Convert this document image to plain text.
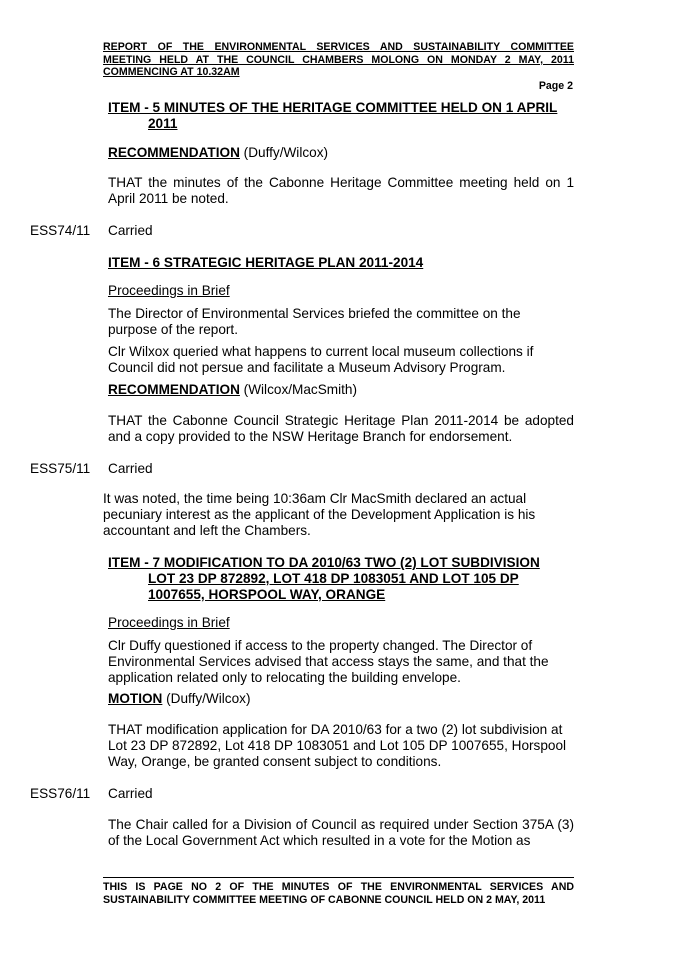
REPORT OF THE ENVIRONMENTAL SERVICES AND SUSTAINABILITY COMMITTEE
MEETING HELD AT THE COUNCIL CHAMBERS MOLONG ON MONDAY 2 MAY, 2011
COMMENCING AT 10.32AM
Page 2
ITEM - 5 MINUTES OF THE HERITAGE COMMITTEE HELD ON 1 APRIL
2011
RECOMMENDATION (Duffy/Wilcox)
THAT the minutes of the Cabonne Heritage Committee meeting held on 1 April 2011 be noted.
ESS74/11 Carried
ITEM - 6 STRATEGIC HERITAGE PLAN 2011-2014
Proceedings in Brief
The Director of Environmental Services briefed the committee on the purpose of the report.
Clr Wilxox queried what happens to current local museum collections if Council did not persue and facilitate a Museum Advisory Program.
RECOMMENDATION (Wilcox/MacSmith)
THAT the Cabonne Council Strategic Heritage Plan 2011-2014 be adopted and a copy provided to the NSW Heritage Branch for endorsement.
ESS75/11 Carried
It was noted, the time being 10:36am Clr MacSmith declared an actual pecuniary interest as the applicant of the Development Application is his accountant and left the Chambers.
ITEM - 7 MODIFICATION TO DA 2010/63 TWO (2) LOT SUBDIVISION
LOT 23 DP 872892, LOT 418 DP 1083051 AND LOT 105 DP
1007655, HORSPOOL WAY, ORANGE
Proceedings in Brief
Clr Duffy questioned if access to the property changed. The Director of Environmental Services advised that access stays the same, and that the application related only to relocating the building envelope.
MOTION (Duffy/Wilcox)
THAT modification application for DA 2010/63 for a two (2) lot subdivision at Lot 23 DP 872892, Lot 418 DP 1083051 and Lot 105 DP 1007655, Horspool Way, Orange, be granted consent subject to conditions.
ESS76/11 Carried
The Chair called for a Division of Council as required under Section 375A (3) of the Local Government Act which resulted in a vote for the Motion as
THIS IS PAGE NO 2 OF THE MINUTES OF THE ENVIRONMENTAL SERVICES AND SUSTAINABILITY COMMITTEE MEETING OF CABONNE COUNCIL HELD ON 2 MAY, 2011
